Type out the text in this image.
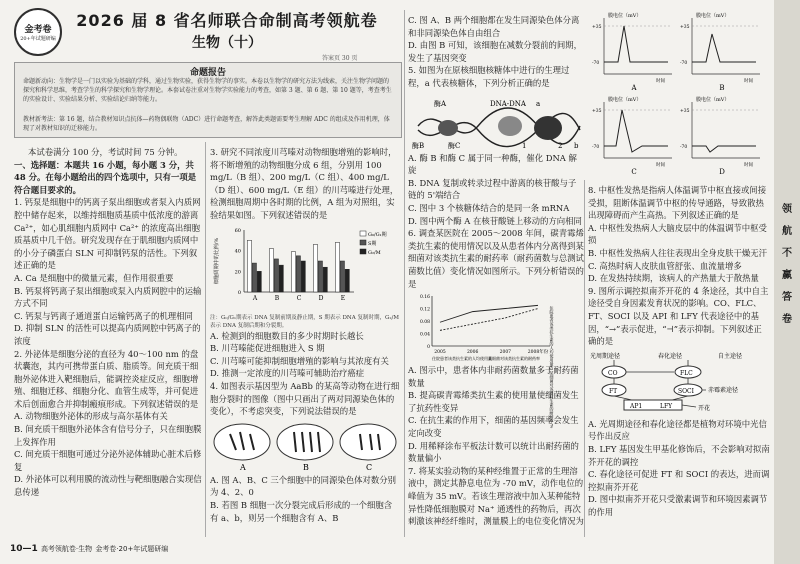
金考卷
20+年试题研编
2026 届 8 省名师联合命制高考领航卷
生物（十）
答案页 30 页
命题报告
命题新动向：生物学是一门以实验为基础的学科，通过生物实验，获得生物学的事实。本卷以生物学的研究方法为线索，关注生物学问题的探究和科学思维，考查学生的科学探究和生物学理论。本套试卷注重对生物学实验能力的考查，如第 3 题、第 6 题、第 10 题等，考查考生的实验设计、实验结果分析、实验结论归纳等能力。
教材新考法：第 16 题，结合教材知识点抗体—药物偶联物（ADC）进行命题考查，解答此类题需要考生理解 ADC 的组成及作用机理，体现了对教材知识的迁移能力。

本试卷满分 100 分，考试时间 75 分钟。

一、选择题：本题共 16 小题，每小题 3 分，共 48 分。在每小题给出的四个选项中，只有一项是符合题目要求的。

1. 钙泵是细胞中的钙离子泵出细胞或者泵入内质网腔中储存起来，以维持细胞质基质中低浓度的游离 Ca²⁺，如心肌细胞内质网中 Ca²⁺ 的浓度高出细胞质基质中几千倍。研究发现存在于肌细胞内质网中的小分子磷蛋白 SLN 可抑制钙泵的活性。下列叙述正确的是

A. Ca 是细胞中的微量元素，但作用很重要

B. 钙泵将钙离子泵出细胞或泵入内质网腔中的运输方式不同

C. 钙泵与钙离子通道蛋白运输钙离子的机理相同

D. 抑制 SLN 的活性可以提高内质网腔中钙离子的浓度

2. 外泌体是细胞分泌的直径为 40～100 nm 的盘状囊泡，其内可携带蛋白质、脂质等。间充质干细胞外泌体进入靶细胞后，能调控炎症反应，细胞增殖、细胞迁移、细胞分化、血管生成等，并可促进术后创面愈合并抑制瘢痕形成。下列叙述错误的是

A. 动物细胞外泌体的形成与高尔基体有关

B. 间充质干细胞外泌体含有信号分子，只在细胞膜上发挥作用

C. 间充质干细胞可通过分泌外泌体辅助心脏术后修复

D. 外泌体可以利用膜的流动性与靶细胞融合实现信息传递

3. 研究不同浓度川芎嗪对动物细胞增殖的影响时，将不断增殖的动物细胞分成 6 组，分别用 100 mg/L（B 组）、200 mg/L（C 组）、400 mg/L（D 组）、600 mg/L（E 组）的川芎嗪进行处理，检测细胞周期中各时期的比例，A 组为对照组，实验结果如图。下列叙述错误的是

0
20
40
60
细胞周期中的比例/%
A	B	C	D	E
G₀/G₁期
S期
G₂/M

注：G₀/G₁期表示 DNA 复制前期及静止期，S 期表示 DNA 复制时期，G₂/M 表示 DNA 复制后期和分裂期。

A. 检测到的细胞数目的多少时期时长越长

B. 川芎嗪能促进细胞进入 S 期

C. 川芎嗪可能抑制细胞增殖的影响与其浓度有关

D. 推测一定浓度的川芎嗪可辅助治疗癌症

4. 如图表示基因型为 AaBb 的某高等动物在进行细胞分裂时的图像（图中只画出了两对同源染色体的变化），不考虑突变，下列说法错误的是

A	B	C

A. 图 A、B、C 三个细胞中的同源染色体对数分别为 4、2、0

B. 若图 B 细胞一次分裂完成后形成的一个细胞含有 a、b，则另一个细胞含有 A、B

C. 图 A、B 两个细胞都在发生同源染色体分离和非同源染色体自由组合

D. 由图 B 可知，该细胞在减数分裂前的间期，发生了基因突变

5. 如图为在原核细胞核糖体中进行的生理过程，a 代表核糖体，下列分析正确的是

酶A
酶B	酶C
DNA-DNA a
1	2 b

A. 酶 B 和酶 C 属于同一种酶，催化 DNA 解旋

B. DNA 复制或转录过程中游离的核苷酸与子链的 5'端结合

C. 图中 3 个核糖体结合的是同一条 mRNA

D. 图中两个酶 A 在核苷酸链上移动的方向相同

6. 调查某医院在 2005～2008 年间，碳青霉烯类抗生素的使用情况以及从患者体内分离得到某细菌对该类抗生素的耐药率（耐药菌数与总测试菌数比值）变化情况如图所示。下列分析错误的是

0
0.04
0.08
0.12
0.16
2005	2006	2007	2008年份 住院患者该类抗生素的人均使用量/g 某细菌对该类抗生素的耐药率/%
住院患者该类抗生素的人均使用量
某细菌对该类抗生素的耐药率

A. 图示中，患者体内非耐药菌数量多于耐药菌数量

B. 提高碳青霉烯类抗生素的使用量使细菌发生了抗药性变异

C. 在抗生素的作用下，细菌的基因频率会发生定向改变

D. 用稀释涂布平板法计数可以统计出耐药菌的数量偏小

7. 将某实验动物的某种经维置于正常的生理溶液中，测定其静息电位为 -70 mV，动作电位的峰值为 35 mV。若该生理溶液中加入某种能特异性降低细胞膜对 Na⁺ 通透性的药物后，再次刺激该神经纤维时，测量膜上的电位变化情况为

膜电位（mV）
+35
-70
时间
A
膜电位（mV）
+35
-70
时间
B
膜电位（mV）
+35
-70
时间
C
膜电位（mV）
+35
-70
时间
D

8. 中枢性发热是指病人体温调节中枢直接或间接受损，阻断体温调节中枢的传导通路，导致散热出现障碍而产生高热。下列叙述正确的是

A. 中枢性发热病人大脑皮层中的体温调节中枢受损

B. 中枢性发热病人往往表现出全身皮肤干燥无汗

C. 高热时病人皮肤血管舒张、血流量增多

D. 在发热持续期，该病人的产热量大于散热量

9. 图所示调控拟南芥开花的 4 条途径，其中自主途径受自身因素发育状况的影响。CO、FLC、FT、SOCI 以及 API 和 LFY 代表途径中的基因，“→”表示促进，“⊣”表示抑制。下列叙述正确的是

光周期途径	春化途径	自主途径
CO	FLC
FT	SOCI 赤霉素途径
AP1	LFY	开花

A. 光周期途径和春化途径都是植物对环境中光信号作出反应

B. LFY 基因发生甲基化修饰后，不会影响对拟南芥开花的调控

C. 春化途径可促进 FT 和 SOCI 的表达，进而调控拟南芥开花

D. 图中拟南芥开花只受激素调节和环境因素调节的作用

领
航
不
赢
答
卷
10—1 高考领航卷·生物 金考卷·20+年试题研编
